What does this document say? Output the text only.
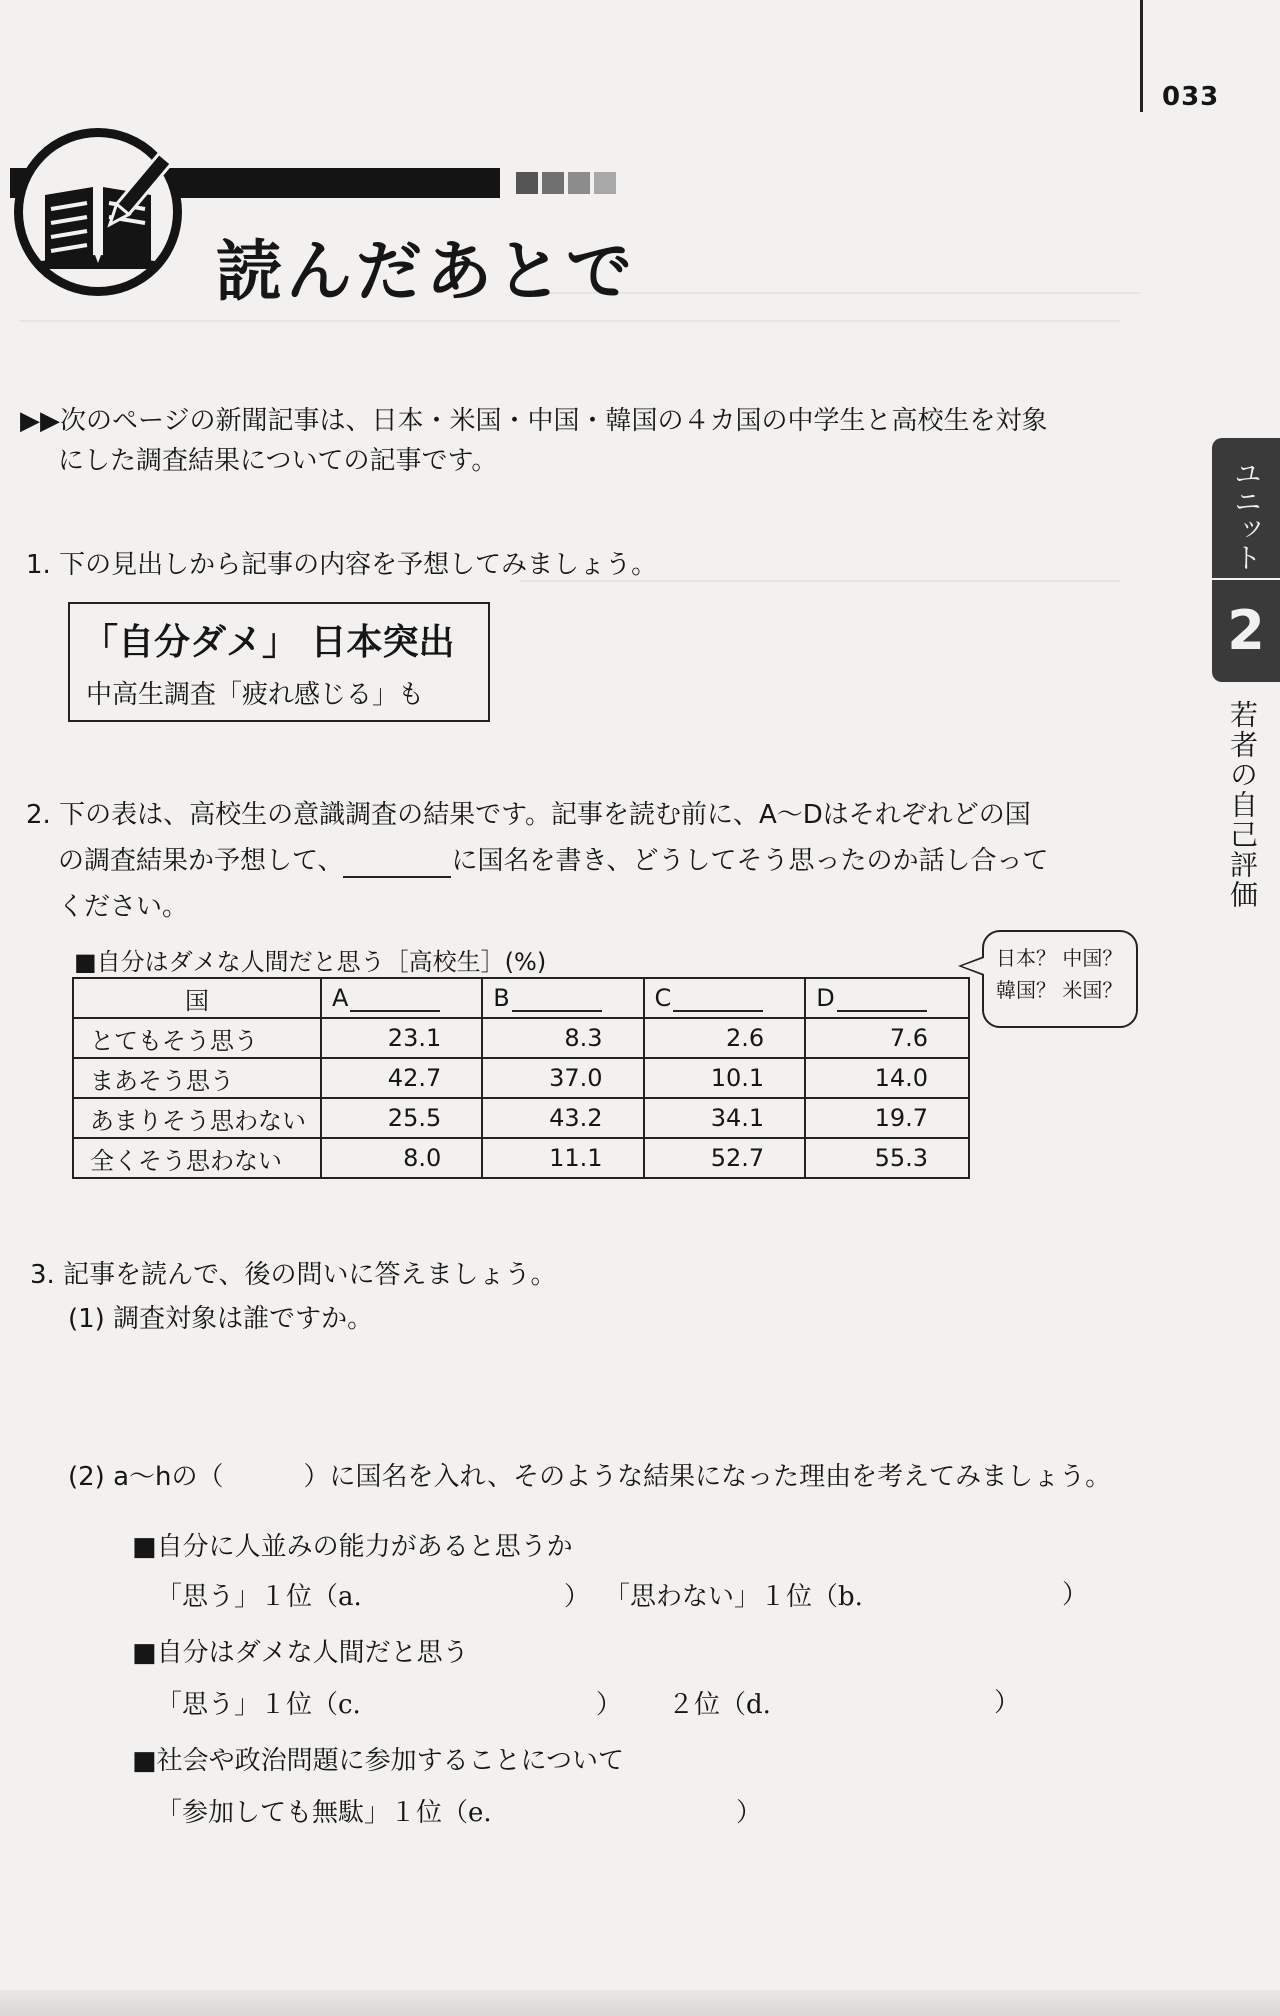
033
読んだあとで
ユニット
2
若者の自己評価
▶▶次のページの新聞記事は、日本・米国・中国・韓国の４カ国の中学生と高校生を対象
にした調査結果についての記事です。
1. 下の見出しから記事の内容を予想してみましょう。
「自分ダメ」 日本突出
中高生調査「疲れ感じる」も
2. 下の表は、高校生の意識調査の結果です。記事を読む前に、A～Dはそれぞれどの国
の調査結果か予想して、	に国名を書き、どうしてそう思ったのか話し合って
ください。
■自分はダメな人間だと思う［高校生］(%)	日本？ 中国？
韓国？ 米国？
国	A	B	C	D
とてもそう思う	23.1	8.3	2.6	7.6
まあそう思う	42.7	37.0	10.1	14.0
あまりそう思わない	25.5	43.2	34.1	19.7
全くそう思わない	8.0	11.1	52.7	55.3
3. 記事を読んで、後の問いに答えましょう。
(1) 調査対象は誰ですか。
(2) a～hの（	）に国名を入れ、そのような結果になった理由を考えてみましょう。
■自分に人並みの能力があると思うか
「思う」１位（a.	） 「思わない」１位（b.	）
■自分はダメな人間だと思う
「思う」１位（c.	） ２位（d.	）
■社会や政治問題に参加することについて
「参加しても無駄」１位（e.	）
